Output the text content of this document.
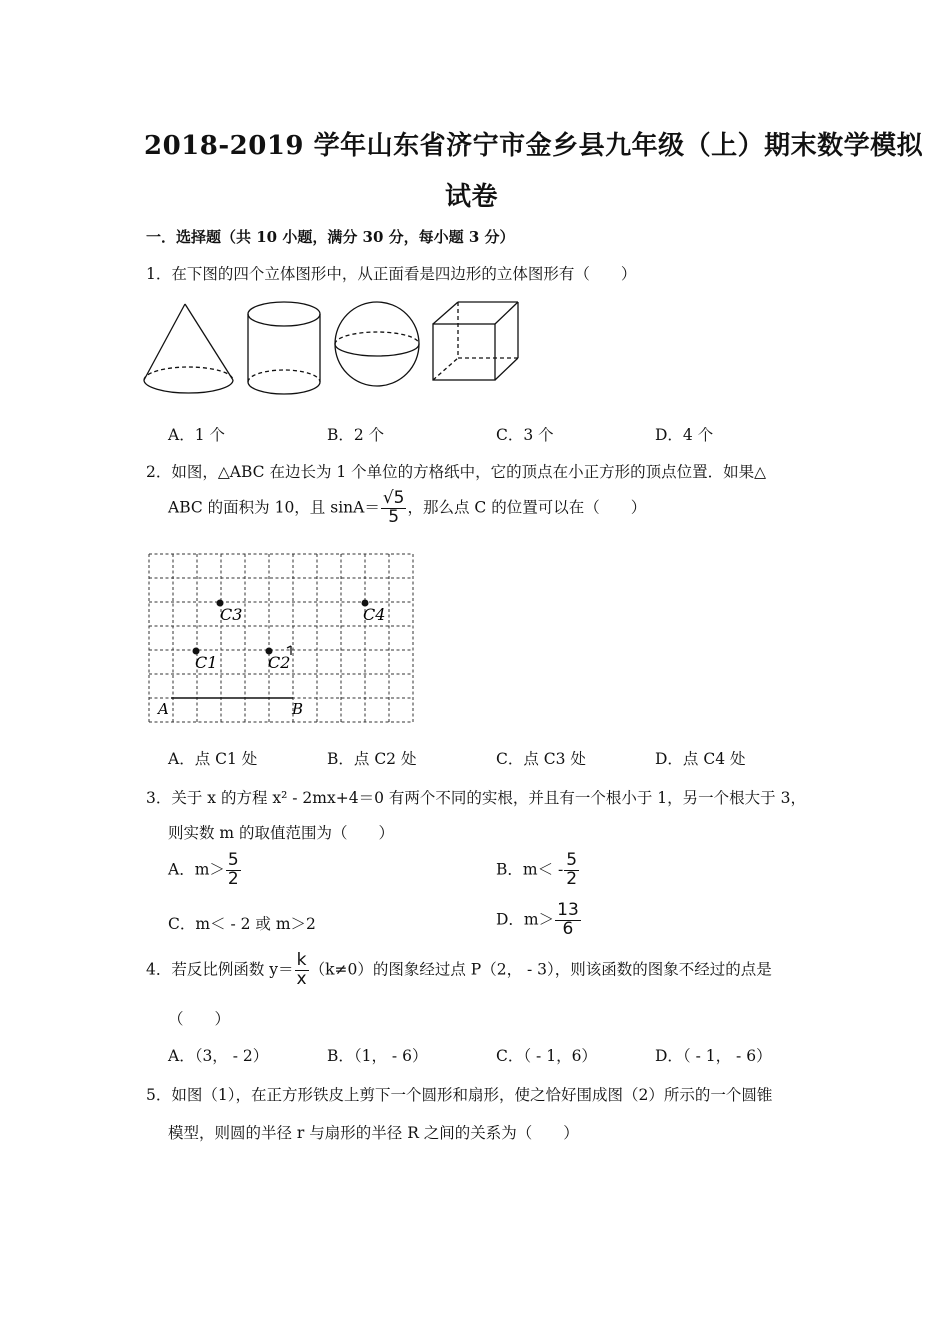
2018-2019 学年山东省济宁市金乡县九年级（上）期末数学模拟
试卷
一．选择题（共 10 小题，满分 30 分，每小题 3 分）
1．在下图的四个立体图形中，从正面看是四边形的立体图形有（　　）
A．1 个	B．2 个	C．3 个	D．4 个
2．如图，△ABC 在边长为 1 个单位的方格纸中，它的顶点在小正方形的顶点位置．如果△
ABC 的面积为 10，且 $\sin A= \frac{√5}{5}$ ，那么点 C 的位置可以在（　　）
C3
C1	C2
C4
A	B
A．点 C1 处	B．点 C2 处	C．点 C3 处	D．点 C4 处
3．关于 x 的方程 x² - 2mx+4＝0 有两个不同的实根，并且有一个根小于 1，另一个根大于 3，
则实数 m 的取值范围为（　　）
A．$m> \frac{5}{2}$	B．$m< - \frac{5}{2}$
C．m＜ - 2 或 m＞2	D．$m> \frac{13}{6}$
4．若反比例函数 $y= \frac{k}{x} (k\ne 0)$的图象经过点 P（2， - 3），则该函数的图象不经过的点是
（　　）
A．（3， - 2）	B．（1， - 6）	C．（ - 1，6）	D．（ - 1， - 6）
5．如图（1），在正方形铁皮上剪下一个圆形和扇形，使之恰好围成图（2）所示的一个圆锥
模型，则圆的半径 r 与扇形的半径 R 之间的关系为（　　）
